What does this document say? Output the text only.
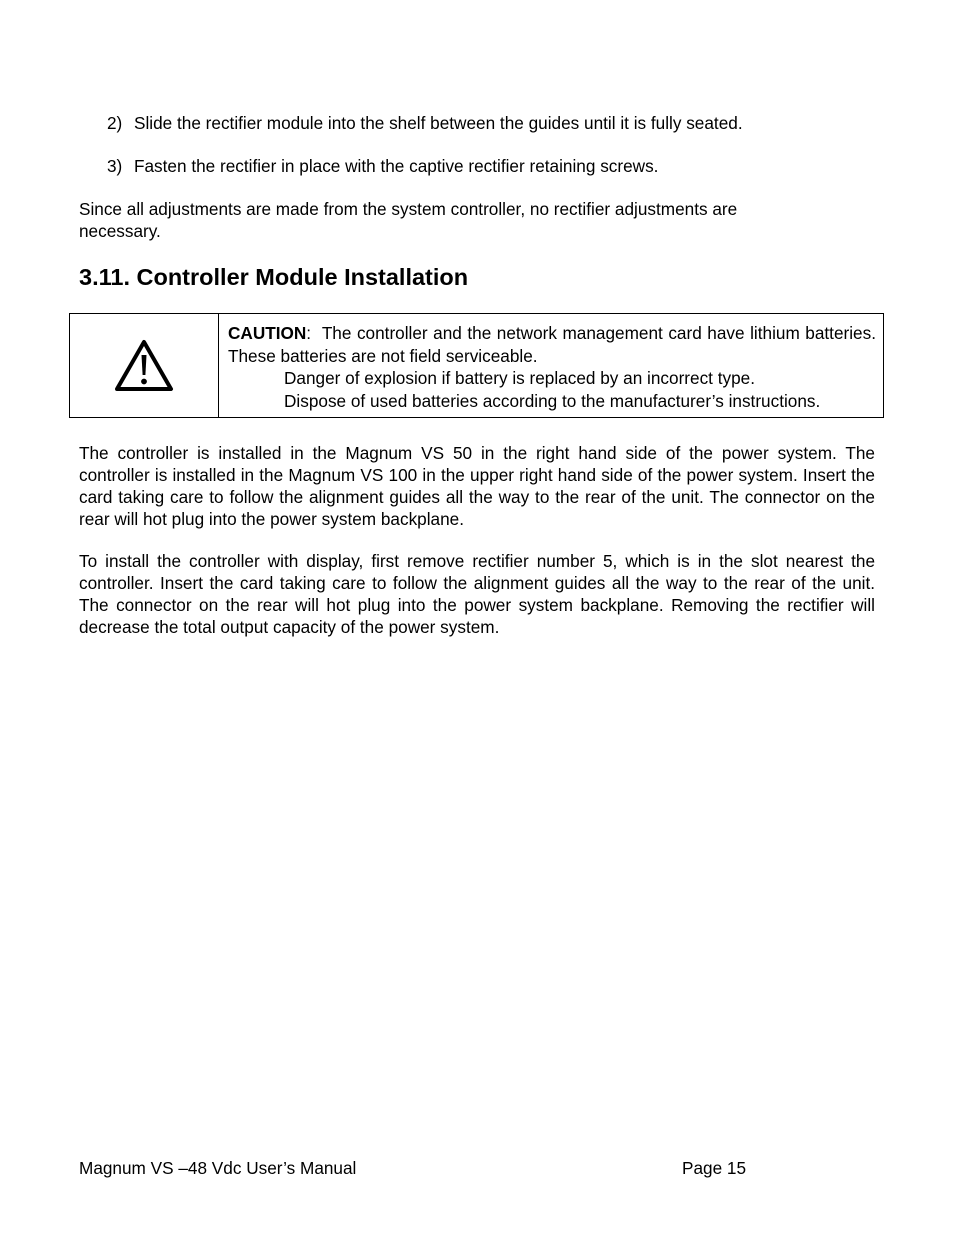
2) Slide the rectifier module into the shelf between the guides until it is fully seated.
3) Fasten the rectifier in place with the captive rectifier retaining screws.
Since all adjustments are made from the system controller, no rectifier adjustments are necessary.
3.11. Controller Module Installation
CAUTION:  The controller and the network management card have lithium batteries. These batteries are not field serviceable.
Danger of explosion if battery is replaced by an incorrect type.
Dispose of used batteries according to the manufacturer’s instructions.
The controller is installed in the Magnum VS 50 in the right hand side of the power system. The controller is installed in the Magnum VS 100 in the upper right hand side of the power system. Insert the card taking care to follow the alignment guides all the way to the rear of the unit. The connector on the rear will hot plug into the power system backplane.
To install the controller with display, first remove rectifier number 5, which is in the slot nearest the controller. Insert the card taking care to follow the alignment guides all the way to the rear of the unit. The connector on the rear will hot plug into the power system backplane. Removing the rectifier will decrease the total output capacity of the power system.
Magnum VS –48 Vdc User’s Manual	Page 15
